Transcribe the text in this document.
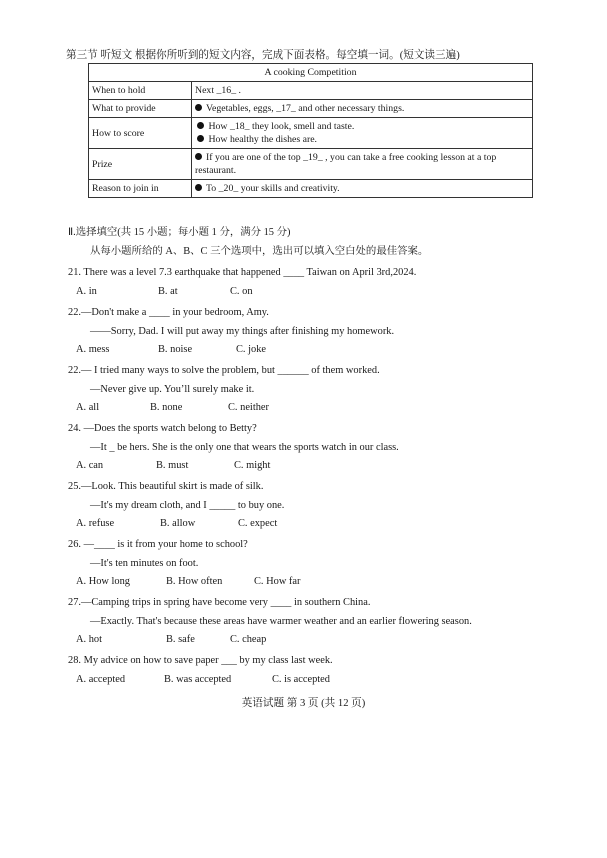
第三节 听短文 根据你所听到的短文内容，完成下面表格。每空填一词。(短文读三遍)
A cooking Competition	
When to hold	Next _16_ .
What to provide	Vegetables, eggs, _17_ and other necessary things.
How to score	How _18_ they look, smell and taste.
How healthy the dishes are.

Prize	If you are one of the top _19_ , you can take a free cooking lesson at a top
restaurant.

Reason to join in	To _20_ your skills and creativity.
Ⅱ.选择填空(共 15 小题；每小题 1 分，满分 15 分)
从每小题所给的 A、B、C 三个选项中，选出可以填入空白处的最佳答案。
21. There was a level 7.3 earthquake that happened ____ Taiwan on April 3rd,2024.
A. in	B. at	C. on
22.—Don't make a ____ in your bedroom, Amy.
——Sorry, Dad. I will put away my things after finishing my homework.
A. mess	B. noise	C. joke
22.— I tried many ways to solve the problem, but ______ of them worked.
—Never give up. You’ll surely make it.
A. all	B. none	C. neither
24. —Does the sports watch belong to Betty?
—It _ be hers. She is the only one that wears the sports watch in our class.
A. can	B. must	C. might
25.—Look. This beautiful skirt is made of silk.
—It's my dream cloth, and I _____ to buy one.
A. refuse	B. allow	C. expect
26. —____ is it from your home to school?
—It's ten minutes on foot.
A. How long	B. How often	C. How far
27.—Camping trips in spring have become very ____ in southern China.
—Exactly. That's because these areas have warmer weather and an earlier flowering season.
A. hot	B. safe	C. cheap
28. My advice on how to save paper ___ by my class last week.
A. accepted	B. was accepted	C. is accepted
英语试题 第 3 页 (共 12 页)
